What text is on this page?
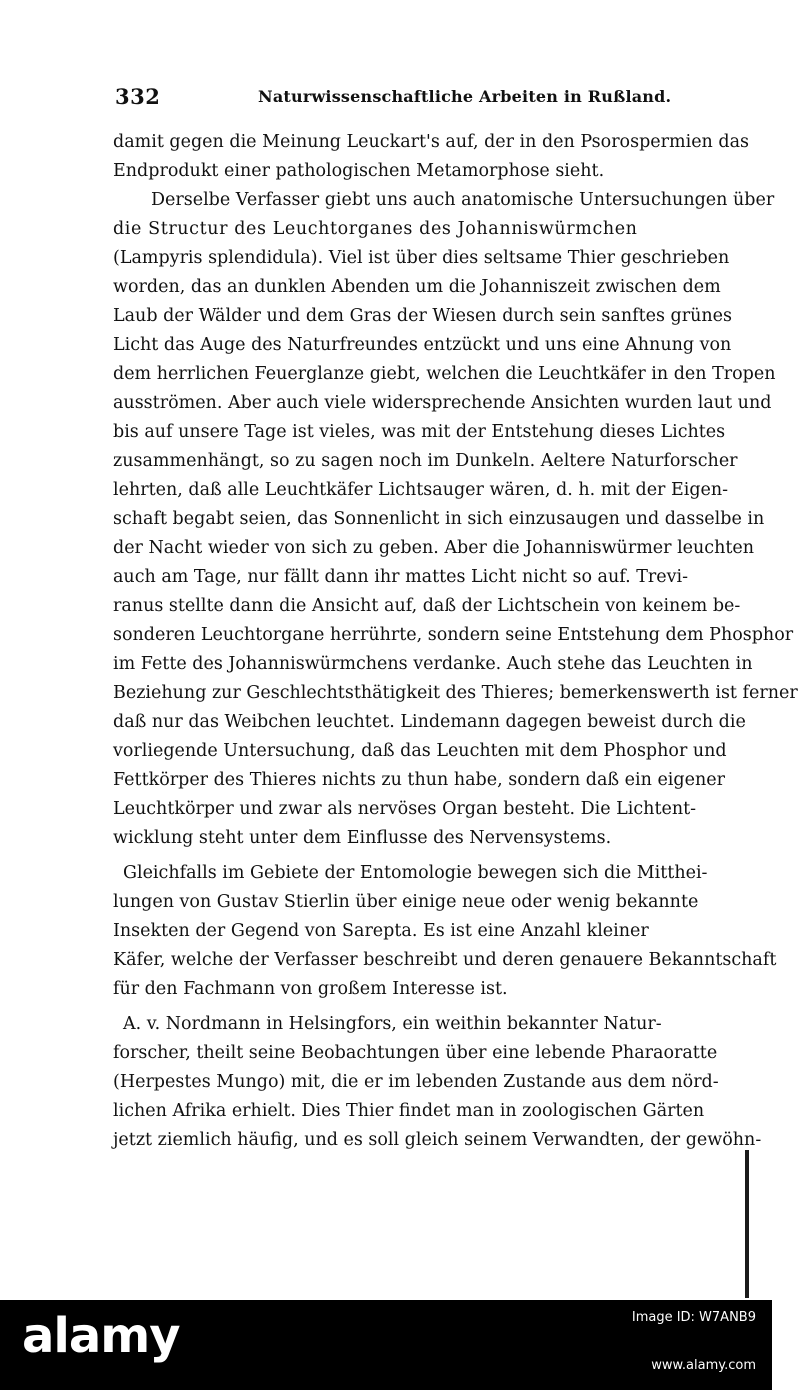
332	Naturwissenschaftliche Arbeiten in Rußland.
damit gegen die Meinung Leuckart's auf, der in den Psorospermien das
Endprodukt einer pathologischen Metamorphose sieht.
Derselbe Verfasser giebt uns auch anatomische Untersuchungen über
die Structur des Leuchtorganes des Johanniswürmchen
(Lampyris splendidula). Viel ist über dies seltsame Thier geschrieben
worden, das an dunklen Abenden um die Johanniszeit zwischen dem
Laub der Wälder und dem Gras der Wiesen durch sein sanftes grünes
Licht das Auge des Naturfreundes entzückt und uns eine Ahnung von
dem herrlichen Feuerglanze giebt, welchen die Leuchtkäfer in den Tropen
ausströmen. Aber auch viele widersprechende Ansichten wurden laut und
bis auf unsere Tage ist vieles, was mit der Entstehung dieses Lichtes
zusammenhängt, so zu sagen noch im Dunkeln. Aeltere Naturforscher
lehrten, daß alle Leuchtkäfer Lichtsauger wären, d. h. mit der Eigen-
schaft begabt seien, das Sonnenlicht in sich einzusaugen und dasselbe in
der Nacht wieder von sich zu geben. Aber die Johanniswürmer leuchten
auch am Tage, nur fällt dann ihr mattes Licht nicht so auf. Trevi-
ranus stellte dann die Ansicht auf, daß der Lichtschein von keinem be-
sonderen Leuchtorgane herrührte, sondern seine Entstehung dem Phosphor
im Fette des Johanniswürmchens verdanke. Auch stehe das Leuchten in
Beziehung zur Geschlechtsthätigkeit des Thieres; bemerkenswerth ist ferner
daß nur das Weibchen leuchtet. Lindemann dagegen beweist durch die
vorliegende Untersuchung, daß das Leuchten mit dem Phosphor und
Fettkörper des Thieres nichts zu thun habe, sondern daß ein eigener
Leuchtkörper und zwar als nervöses Organ besteht. Die Lichtent-
wicklung steht unter dem Einflusse des Nervensystems.
Gleichfalls im Gebiete der Entomologie bewegen sich die Mitthei-
lungen von Gustav Stierlin über einige neue oder wenig bekannte
Insekten der Gegend von Sarepta. Es ist eine Anzahl kleiner
Käfer, welche der Verfasser beschreibt und deren genauere Bekanntschaft
für den Fachmann von großem Interesse ist.
A. v. Nordmann in Helsingfors, ein weithin bekannter Natur-
forscher, theilt seine Beobachtungen über eine lebende Pharaoratte
(Herpestes Mungo) mit, die er im lebenden Zustande aus dem nörd-
lichen Afrika erhielt. Dies Thier findet man in zoologischen Gärten
jetzt ziemlich häufig, und es soll gleich seinem Verwandten, der gewöhn-
alamy	Image ID: W7ANB9
www.alamy.com
